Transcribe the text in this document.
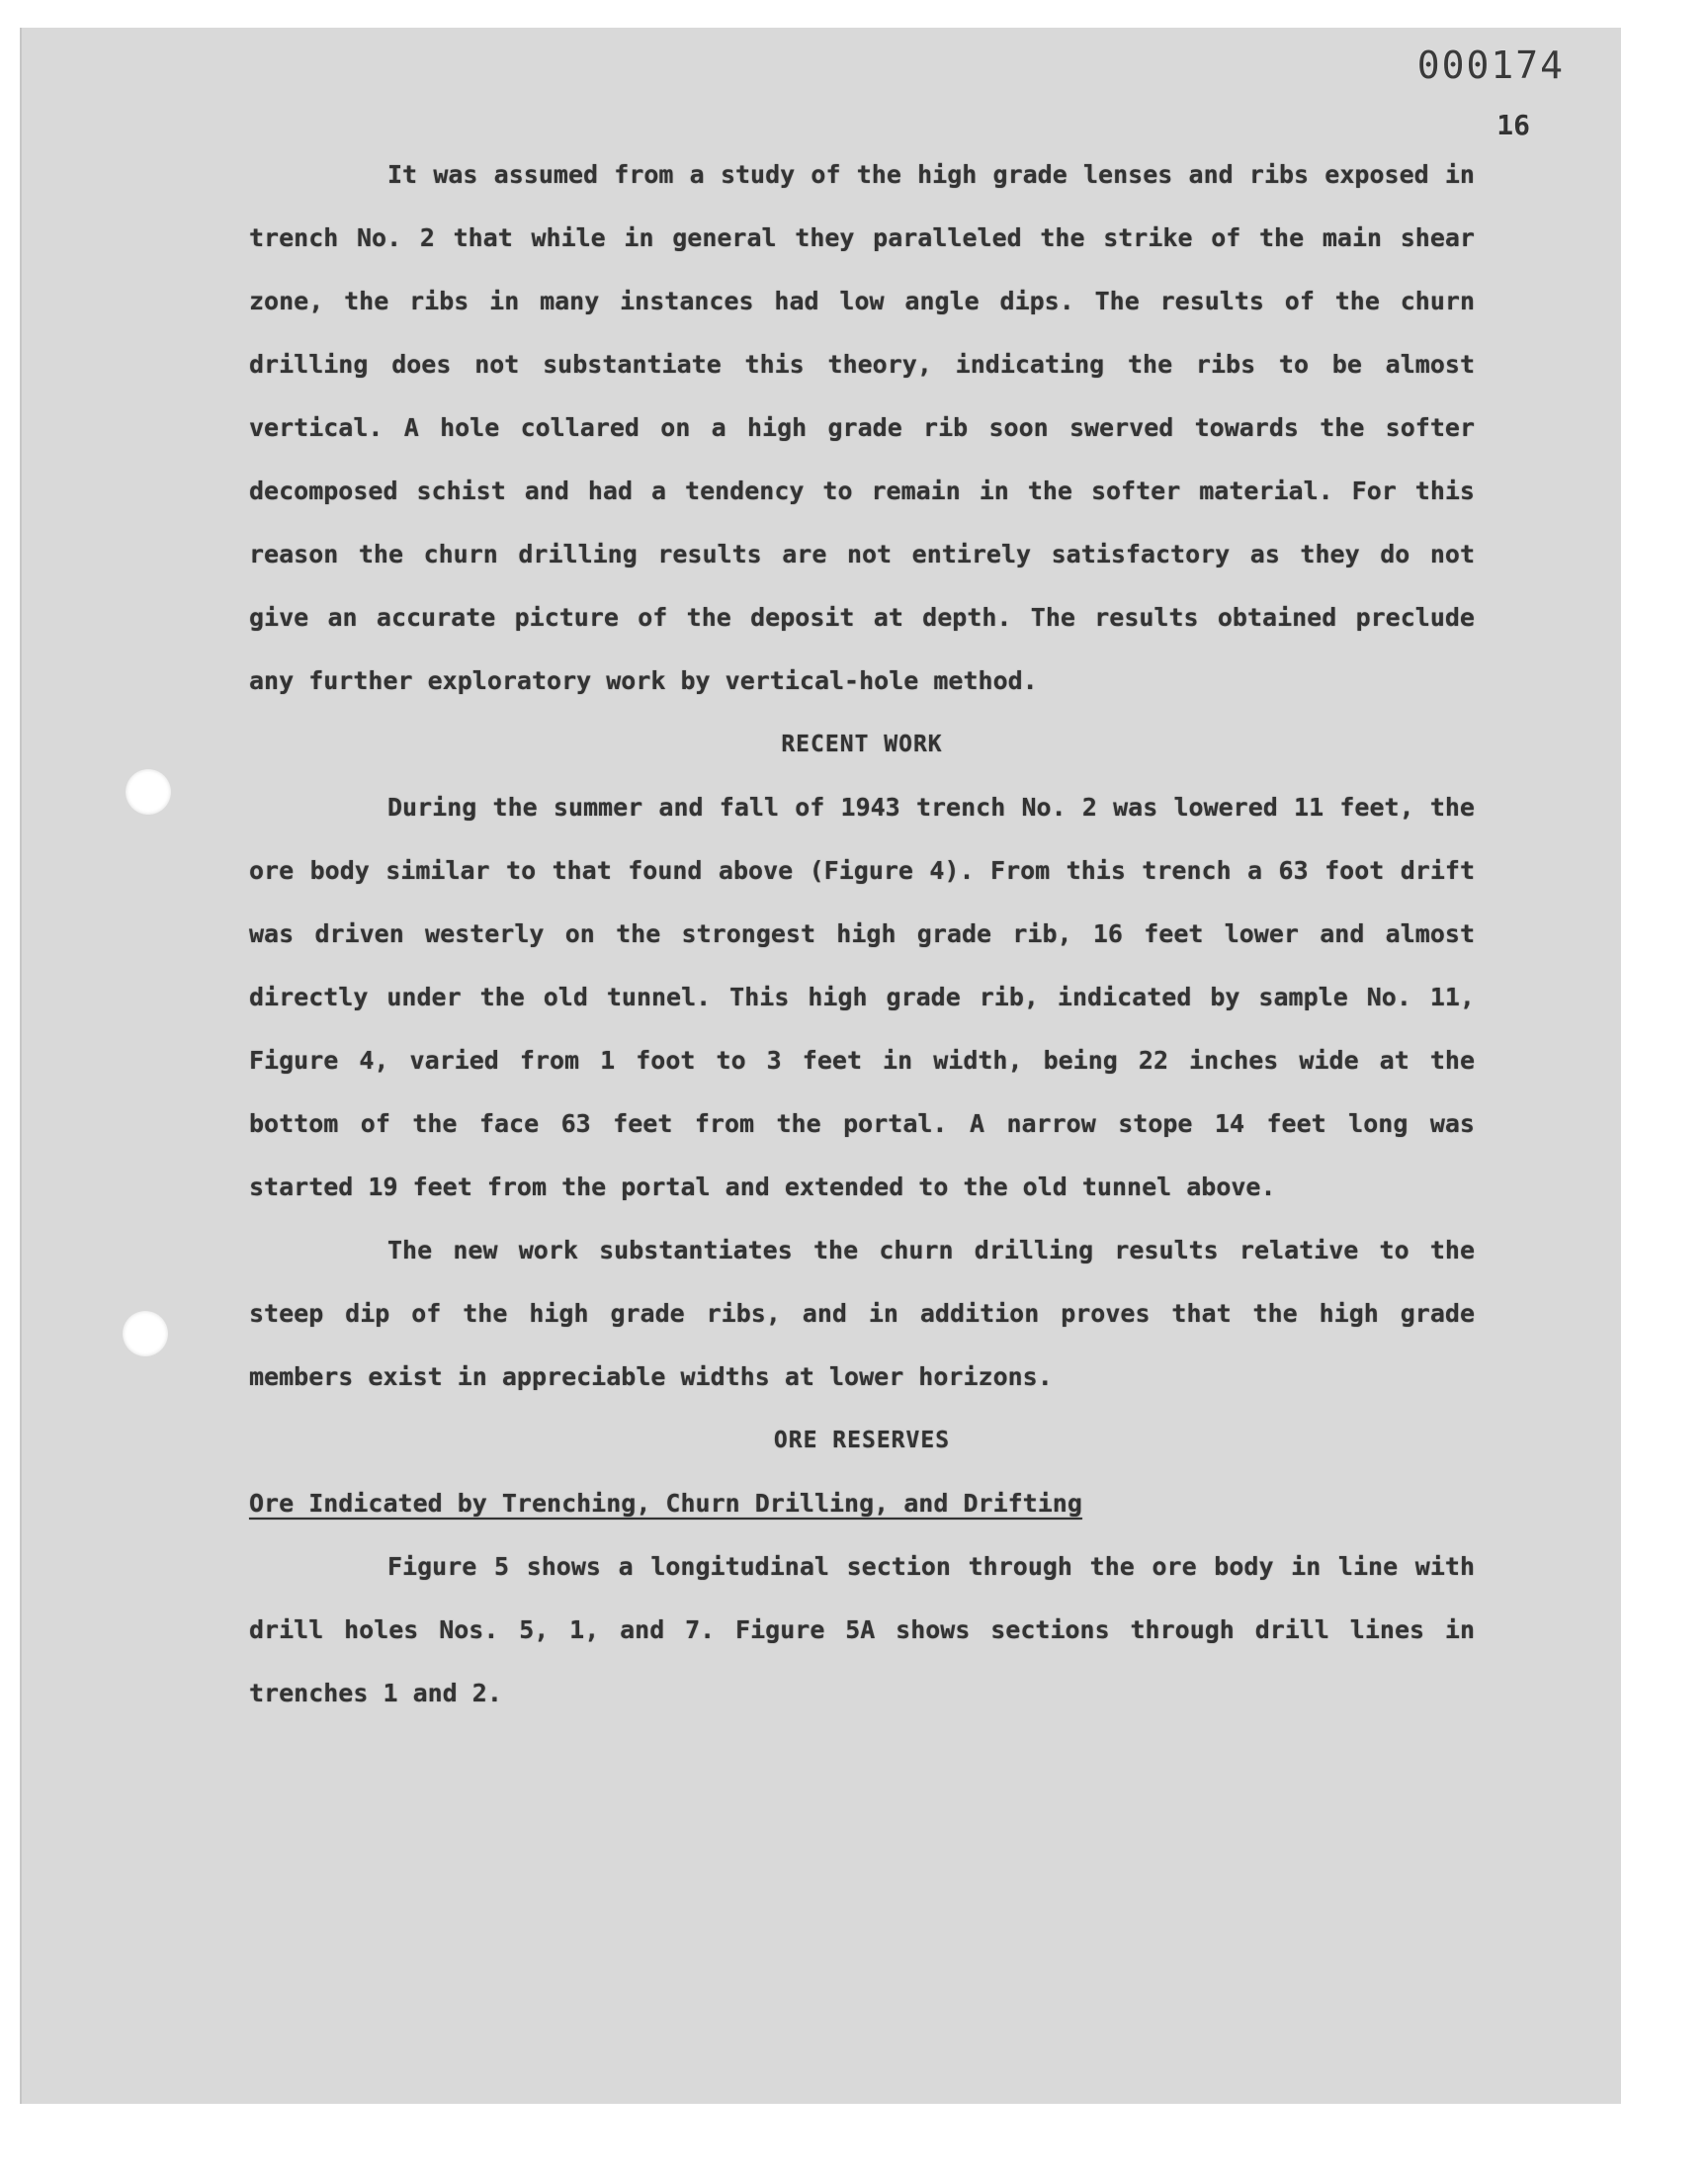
000174
16

It was assumed from a study of the high grade lenses and ribs exposed in trench No. 2 that while in general they paralleled the strike of the main shear zone, the ribs in many instances had low angle dips. The results of the churn drilling does not substantiate this theory, indicating the ribs to be almost vertical. A hole collared on a high grade rib soon swerved towards the softer decomposed schist and had a tendency to remain in the softer material. For this reason the churn drilling results are not entirely satisfactory as they do not give an accurate picture of the deposit at depth. The results obtained preclude any further exploratory work by vertical-hole method.

RECENT WORK

During the summer and fall of 1943 trench No. 2 was lowered 11 feet, the ore body similar to that found above (Figure 4). From this trench a 63 foot drift was driven westerly on the strongest high grade rib, 16 feet lower and almost directly under the old tunnel. This high grade rib, indicated by sample No. 11, Figure 4, varied from 1 foot to 3 feet in width, being 22 inches wide at the bottom of the face 63 feet from the portal. A narrow stope 14 feet long was started 19 feet from the portal and extended to the old tunnel above.

The new work substantiates the churn drilling results relative to the steep dip of the high grade ribs, and in addition proves that the high grade members exist in appreciable widths at lower horizons.

ORE RESERVES

Ore Indicated by Trenching, Churn Drilling, and Drifting

Figure 5 shows a longitudinal section through the ore body in line with drill holes Nos. 5, 1, and 7. Figure 5A shows sections through drill lines in trenches 1 and 2.
